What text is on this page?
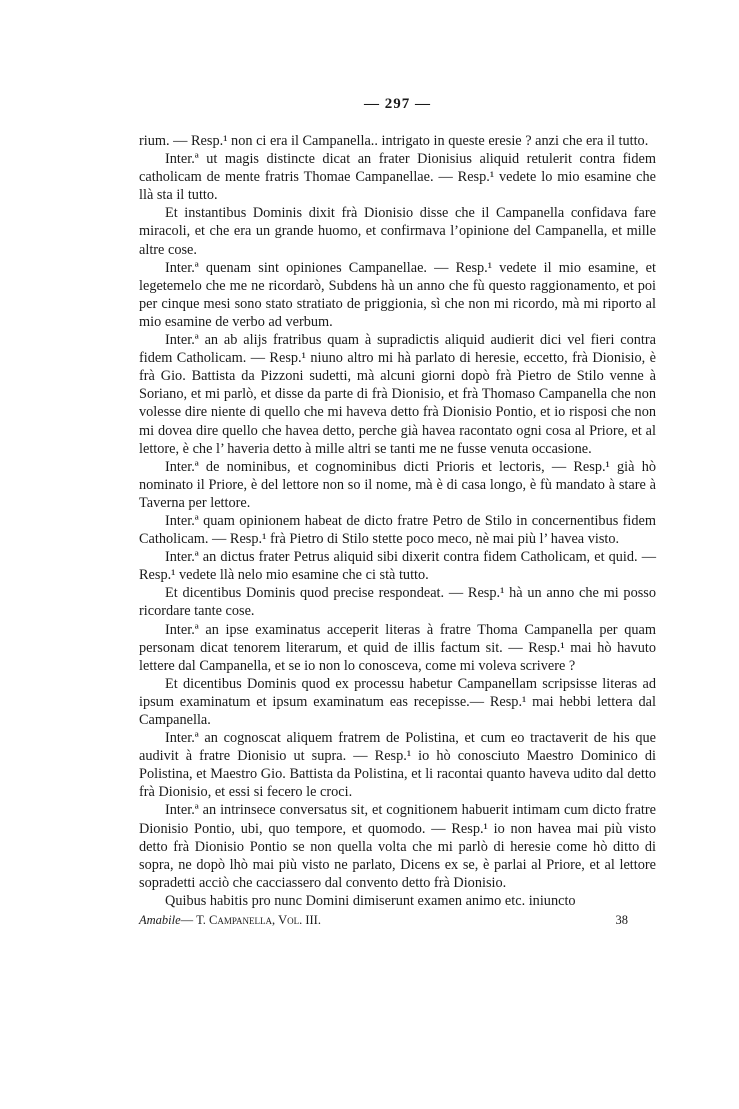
— 297 —

rium. — Resp.¹ non ci era il Campanella.. intrigato in queste eresie ? anzi che era il tutto.

Inter.ª ut magis distincte dicat an frater Dionisius aliquid retulerit contra fidem catholicam de mente fratris Thomae Campanellae. — Resp.¹ vedete lo mio esamine che llà sta il tutto.

Et instantibus Dominis dixit frà Dionisio disse che il Campanella confidava fare miracoli, et che era un grande huomo, et confirmava l’opinione del Campanella, et mille altre cose.

Inter.ª quenam sint opiniones Campanellae. — Resp.¹ vedete il mio esamine, et legetemelo che me ne ricordarò, Subdens hà un anno che fù questo raggionamento, et poi per cinque mesi sono stato stratiato de priggionia, sì che non mi ricordo, mà mi riporto al mio esamine de verbo ad verbum.

Inter.ª an ab alijs fratribus quam à supradictis aliquid audierit dici vel fieri contra fidem Catholicam. — Resp.¹ niuno altro mi hà parlato di heresie, eccetto, frà Dionisio, è frà Gio. Battista da Pizzoni sudetti, mà alcuni giorni dopò frà Pietro de Stilo venne à Soriano, et mi parlò, et disse da parte di frà Dionisio, et frà Thomaso Campanella che non volesse dire niente di quello che mi haveva detto frà Dionisio Pontio, et io risposi che non mi dovea dire quello che havea detto, perche già havea racontato ogni cosa al Priore, et al lettore, è che l’ haveria detto à mille altri se tanti me ne fusse venuta occasione.

Inter.ª de nominibus, et cognominibus dicti Prioris et lectoris, — Resp.¹ già hò nominato il Priore, è del lettore non so il nome, mà è di casa longo, è fù mandato à stare à Taverna per lettore.

Inter.ª quam opinionem habeat de dicto fratre Petro de Stilo in concernentibus fidem Catholicam. — Resp.¹ frà Pietro di Stilo stette poco meco, nè mai più l’ havea visto.

Inter.ª an dictus frater Petrus aliquid sibi dixerit contra fidem Catholicam, et quid. — Resp.¹ vedete llà nelo mio esamine che ci stà tutto.

Et dicentibus Dominis quod precise respondeat. — Resp.¹ hà un anno che mi posso ricordare tante cose.

Inter.ª an ipse examinatus acceperit literas à fratre Thoma Campanella per quam personam dicat tenorem literarum, et quid de illis factum sit. — Resp.¹ mai hò havuto lettere dal Campanella, et se io non lo conosceva, come mi voleva scrivere ?

Et dicentibus Dominis quod ex processu habetur Campanellam scripsisse literas ad ipsum examinatum et ipsum examinatum eas recepisse.— Resp.¹ mai hebbi lettera dal Campanella.

Inter.ª an cognoscat aliquem fratrem de Polistina, et cum eo tractaverit de his que audivit à fratre Dionisio ut supra. — Resp.¹ io hò conosciuto Maestro Dominico di Polistina, et Maestro Gio. Battista da Polistina, et li racontai quanto haveva udito dal detto frà Dionisio, et essi si fecero le croci.

Inter.ª an intrinsece conversatus sit, et cognitionem habuerit intimam cum dicto fratre Dionisio Pontio, ubi, quo tempore, et quomodo. — Resp.¹ io non havea mai più visto detto frà Dionisio Pontio se non quella volta che mi parlò di heresie come hò ditto di sopra, ne dopò lhò mai più visto ne parlato, Dicens ex se, è parlai al Priore, et al lettore sopradetti acciò che cacciassero dal convento detto frà Dionisio.

Quibus habitis pro nunc Domini dimiserunt examen animo etc. iniuncto

Amabile— T. Campanella, Vol. III.	38
